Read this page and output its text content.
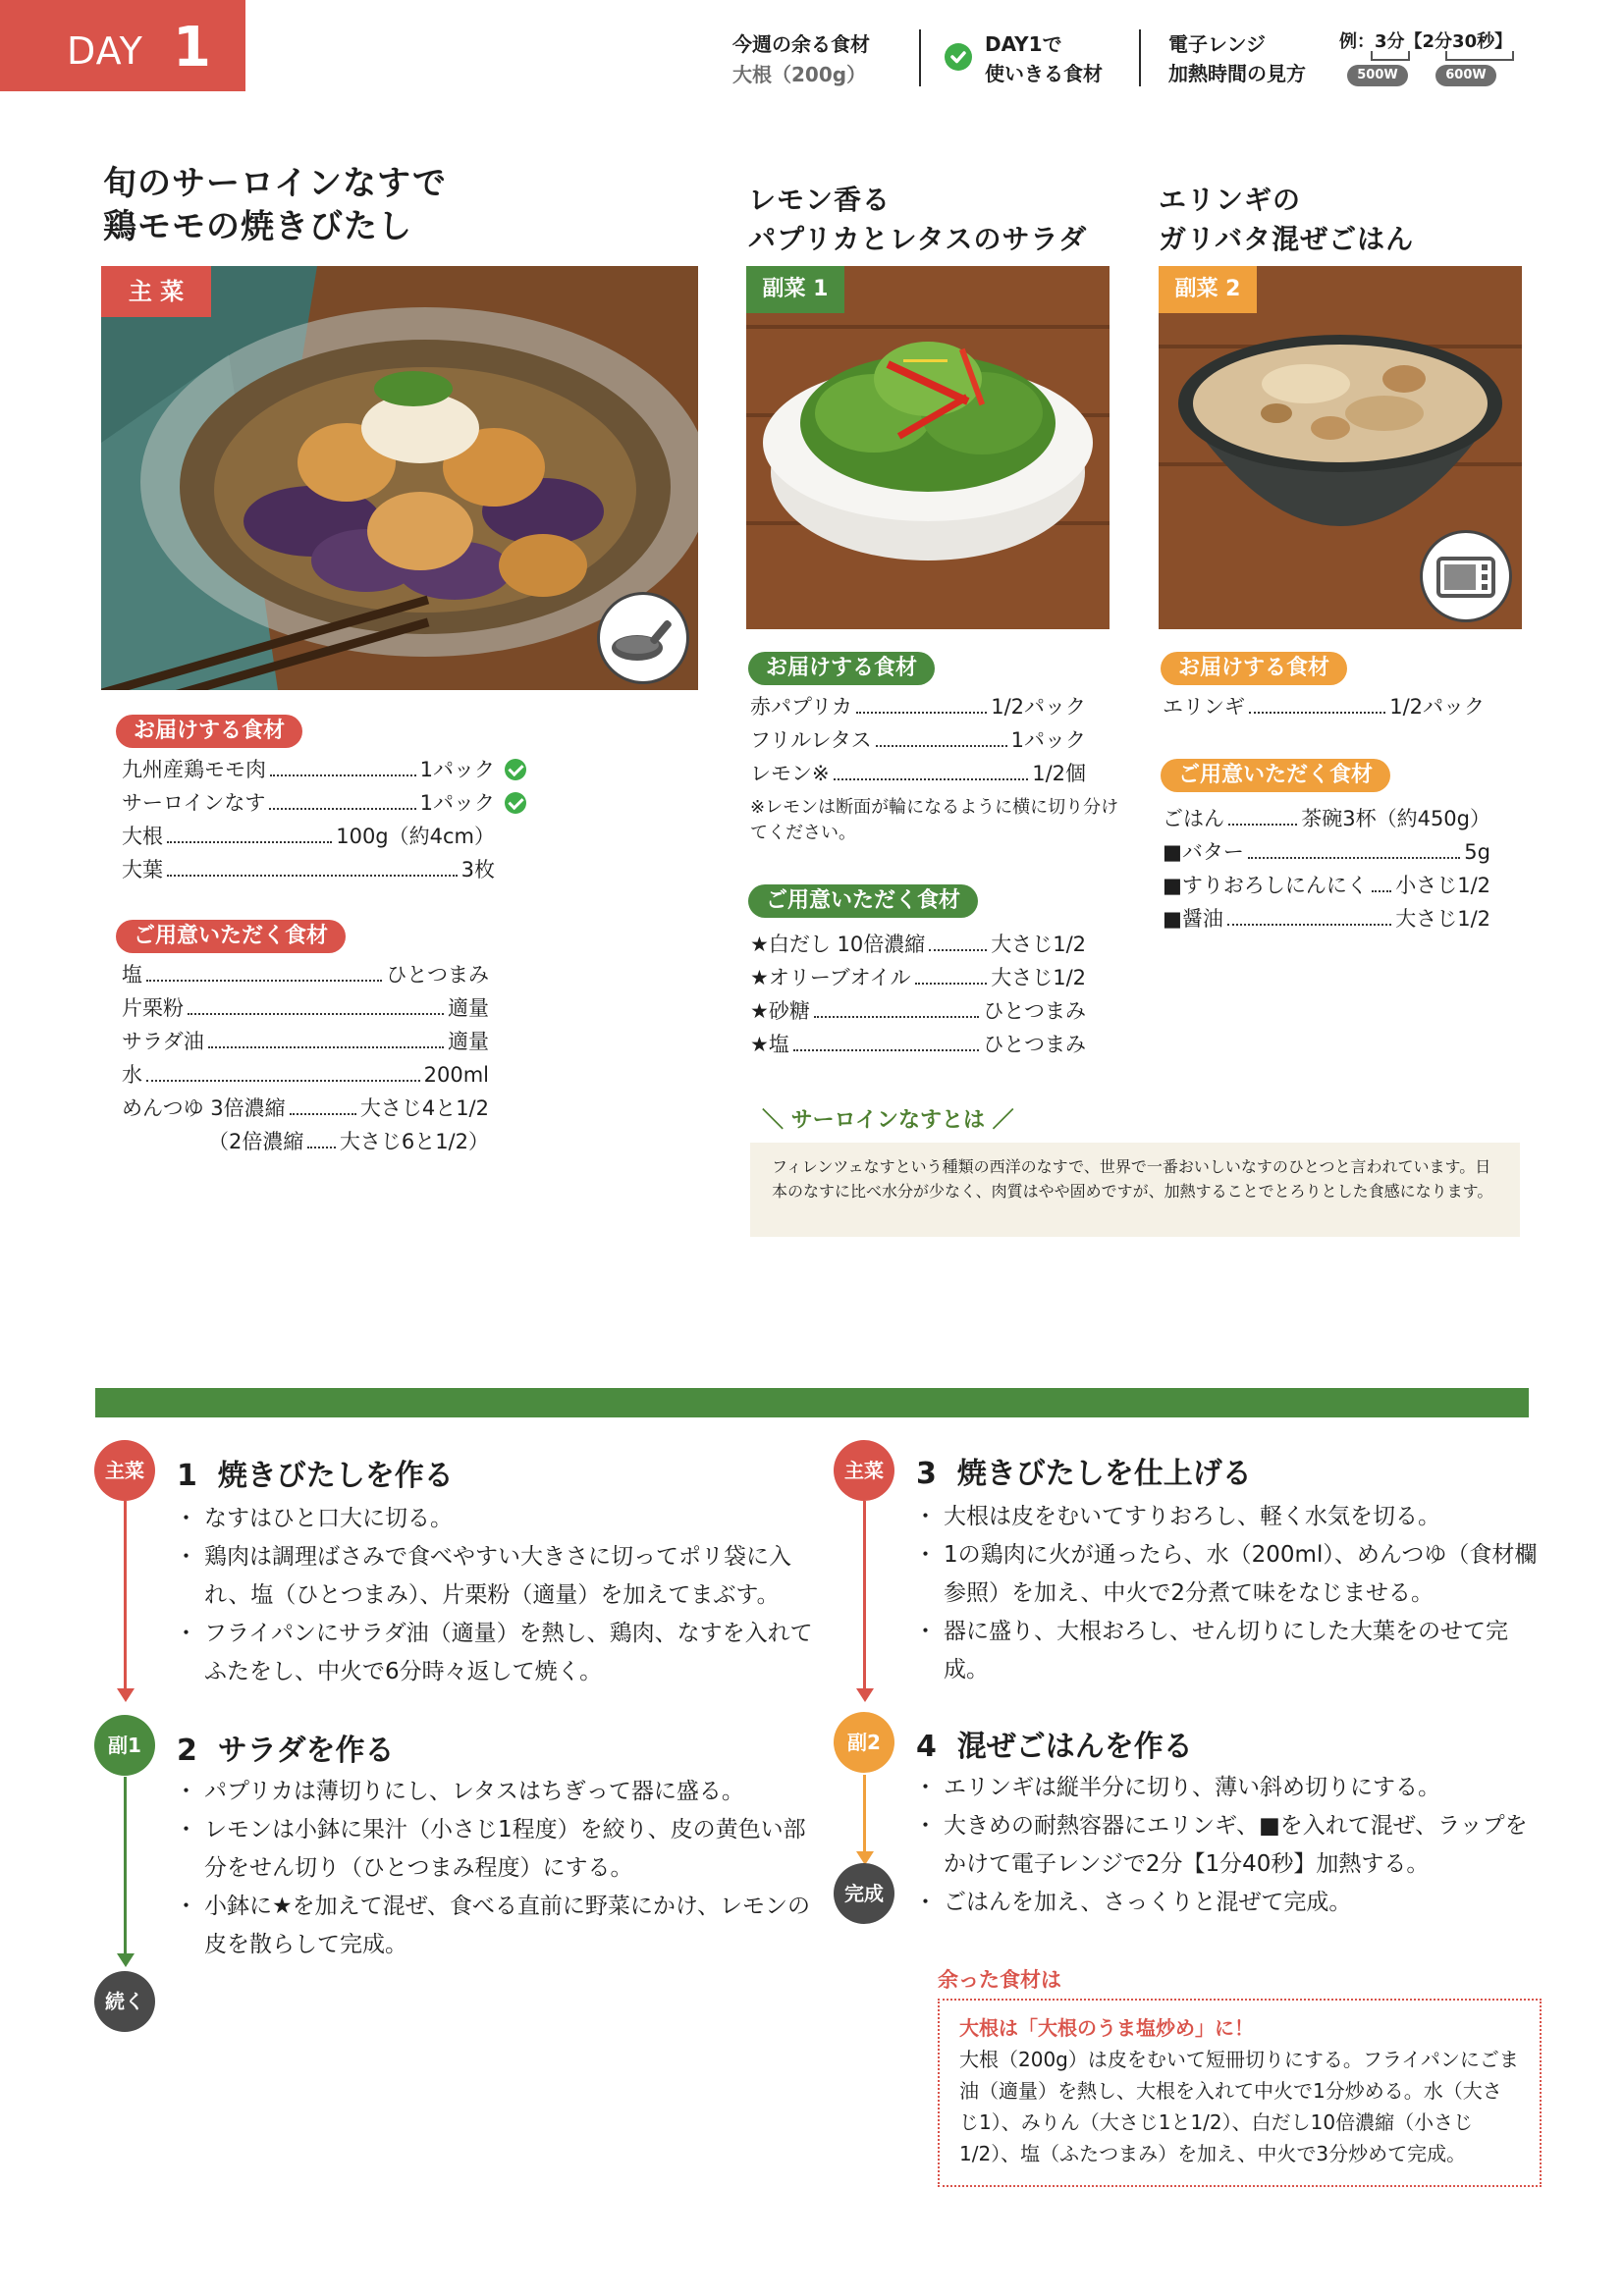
DAY 1	今週の余る食材
大根（200g）
DAY1で
使いきる食材
電子レンジ
加熱時間の見方
例：3分【2分30秒】
500W	600W
旬のサーロインなすで
鶏モモの焼きびたし
レモン香る
パプリカとレタスのサラダ
エリンギの
ガリバタ混ぜごはん
主 菜	副菜 1	副菜 2
お届けする食材
九州産鶏モモ肉	1パック
サーロインなす	1パック
大根	100g（約4cm）
大葉	3枚
ご用意いただく食材
塩	ひとつまみ
片栗粉	適量
サラダ油	適量
水	200ml
めんつゆ 3倍濃縮	大さじ4と1/2
（2倍濃縮 大さじ6と1/2）
お届けする食材
赤パプリカ	1/2パック
フリルレタス	1パック
レモン※	1/2個
※レモンは断面が輪になるように横に切り分けてください。
ご用意いただく食材
★白だし 10倍濃縮	大さじ1/2
★オリーブオイル	大さじ1/2
★砂糖	ひとつまみ
★塩	ひとつまみ
お届けする食材
エリンギ	1/2パック
ご用意いただく食材
ごはん	茶碗3杯（約450g）
■バター	5g
■すりおろしにんにく 小さじ1/2
■醤油	大さじ1/2
＼ サーロインなすとは ／
フィレンツェなすという種類の西洋のなすで、世界で一番おいしいなすのひとつと言われています。日本のなすに比べ水分が少なく、肉質はやや固めですが、加熱することでとろりとした食感になります。
主菜	1 焼きびたしを作る
・ なすはひと口大に切る。
・ 鶏肉は調理ばさみで食べやすい大きさに切ってポリ袋に入れ、塩（ひとつまみ）、片栗粉（適量）を加えてまぶす。
・ フライパンにサラダ油（適量）を熱し、鶏肉、なすを入れてふたをし、中火で6分時々返して焼く。
副1	2 サラダを作る
・ パプリカは薄切りにし、レタスはちぎって器に盛る。
・ レモンは小鉢に果汁（小さじ1程度）を絞り、皮の黄色い部分をせん切り（ひとつまみ程度）にする。
・ 小鉢に★を加えて混ぜ、食べる直前に野菜にかけ、レモンの皮を散らして完成。
続く
主菜	3 焼きびたしを仕上げる
・ 大根は皮をむいてすりおろし、軽く水気を切る。
・ 1の鶏肉に火が通ったら、水（200ml）、めんつゆ（食材欄参照）を加え、中火で2分煮て味をなじませる。
・ 器に盛り、大根おろし、せん切りにした大葉をのせて完成。
副2	4 混ぜごはんを作る
・ エリンギは縦半分に切り、薄い斜め切りにする。
・ 大きめの耐熱容器にエリンギ、■を入れて混ぜ、ラップをかけて電子レンジで2分【1分40秒】加熱する。
・ ごはんを加え、さっくりと混ぜて完成。
完成
余った食材は
大根は「大根のうま塩炒め」に！
大根（200g）は皮をむいて短冊切りにする。フライパンにごま油（適量）を熱し、大根を入れて中火で1分炒める。水（大さじ1）、みりん（大さじ1と1/2）、白だし10倍濃縮（小さじ1/2）、塩（ふたつまみ）を加え、中火で3分炒めて完成。
